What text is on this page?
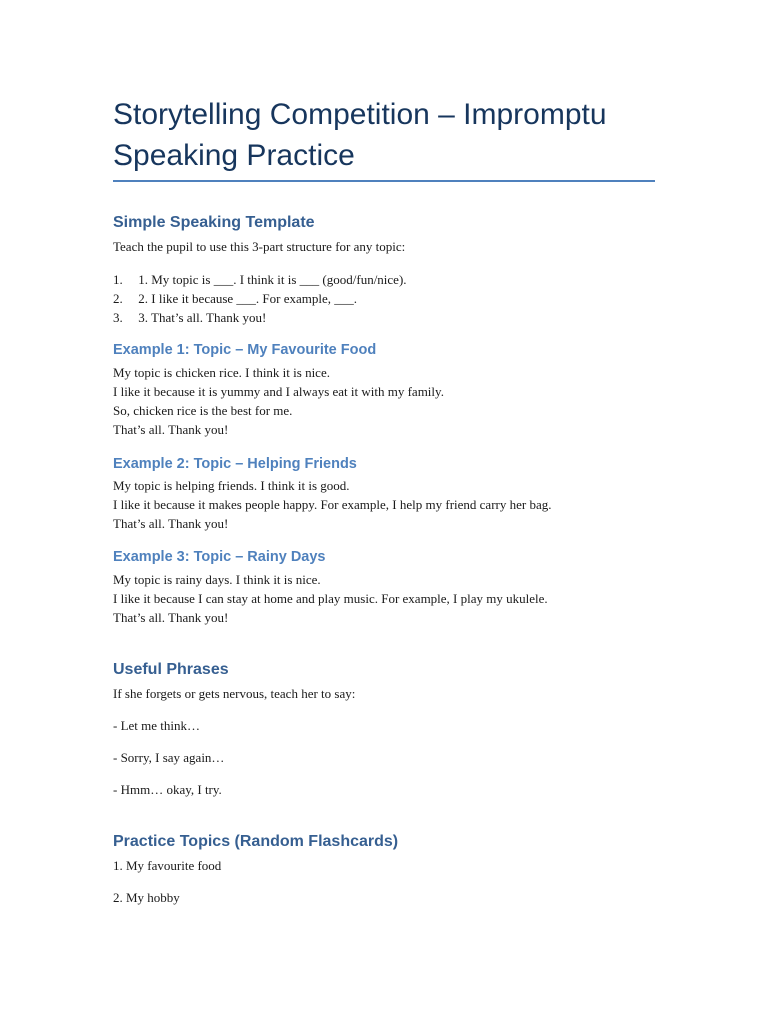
Storytelling Competition – Impromptu Speaking Practice
Simple Speaking Template

Teach the pupil to use this 3-part structure for any topic:

1. 1. My topic is ___. I think it is ___ (good/fun/nice).
2. 2. I like it because ___. For example, ___.
3. 3. That’s all. Thank you!
Example 1: Topic – My Favourite Food

My topic is chicken rice. I think it is nice.

I like it because it is yummy and I always eat it with my family.

So, chicken rice is the best for me.

That’s all. Thank you!

Example 2: Topic – Helping Friends

My topic is helping friends. I think it is good.

I like it because it makes people happy. For example, I help my friend carry her bag.

That’s all. Thank you!

Example 3: Topic – Rainy Days

My topic is rainy days. I think it is nice.

I like it because I can stay at home and play music. For example, I play my ukulele.

That’s all. Thank you!

Useful Phrases

If she forgets or gets nervous, teach her to say:

- Let me think…

- Sorry, I say again…

- Hmm… okay, I try.

Practice Topics (Random Flashcards)

1. My favourite food

2. My hobby
